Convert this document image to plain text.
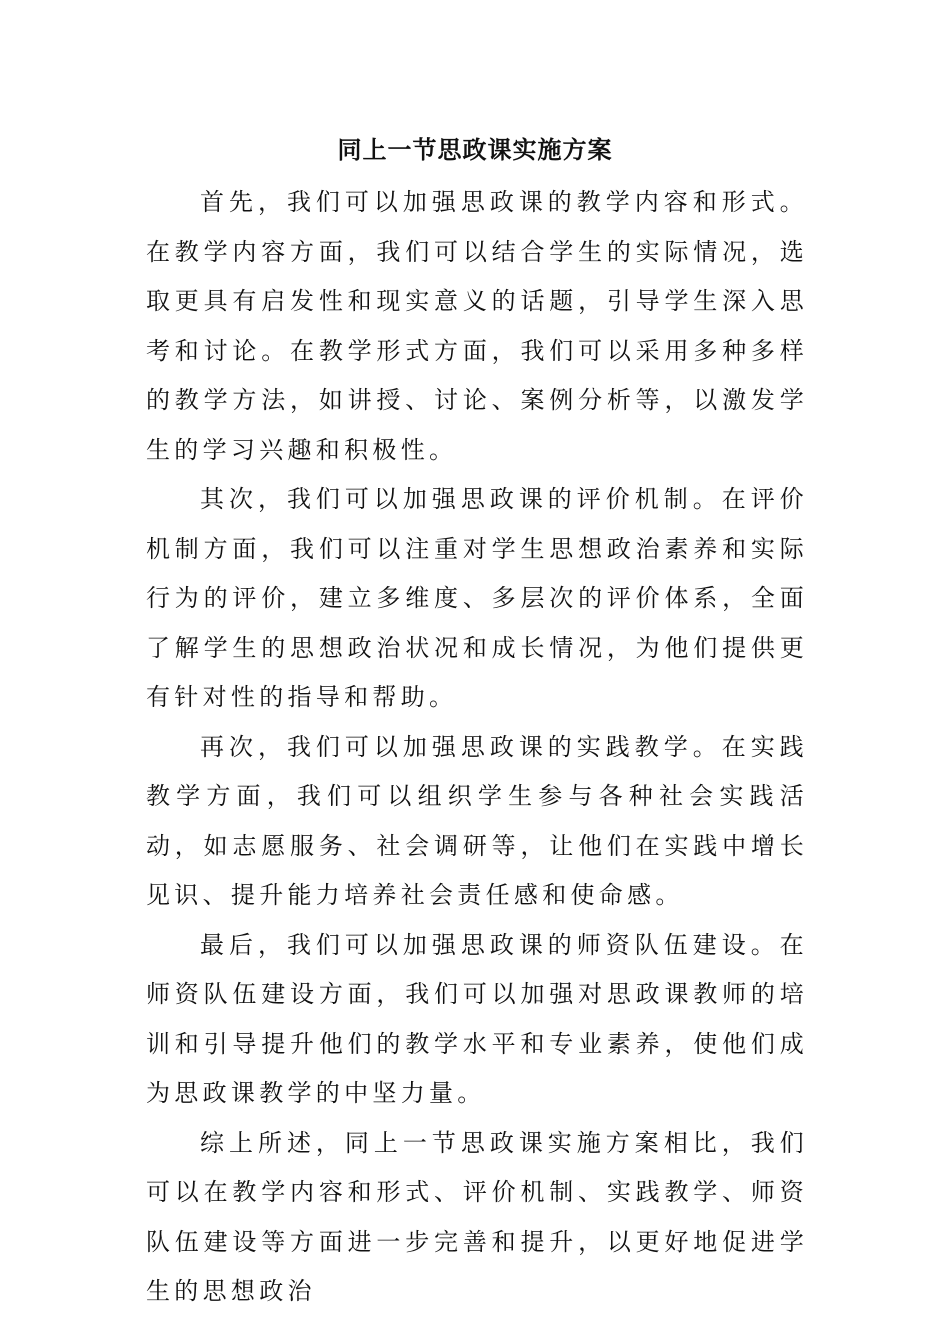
同上一节思政课实施方案

首先，我们可以加强思政课的教学内容和形式。在教学内容方面，我们可以结合学生的实际情况，选取更具有启发性和现实意义的话题，引导学生深入思考和讨论。在教学形式方面，我们可以采用多种多样的教学方法，如讲授、讨论、案例分析等，以激发学生的学习兴趣和积极性。

其次，我们可以加强思政课的评价机制。在评价机制方面，我们可以注重对学生思想政治素养和实际行为的评价，建立多维度、多层次的评价体系，全面了解学生的思想政治状况和成长情况，为他们提供更有针对性的指导和帮助。

再次，我们可以加强思政课的实践教学。在实践教学方面，我们可以组织学生参与各种社会实践活动，如志愿服务、社会调研等，让他们在实践中增长见识、提升能力培养社会责任感和使命感。

最后，我们可以加强思政课的师资队伍建设。在师资队伍建设方面，我们可以加强对思政课教师的培训和引导提升他们的教学水平和专业素养，使他们成为思政课教学的中坚力量。

综上所述，同上一节思政课实施方案相比，我们可以在教学内容和形式、评价机制、实践教学、师资队伍建设等方面进一步完善和提升，以更好地促进学生的思想政治
